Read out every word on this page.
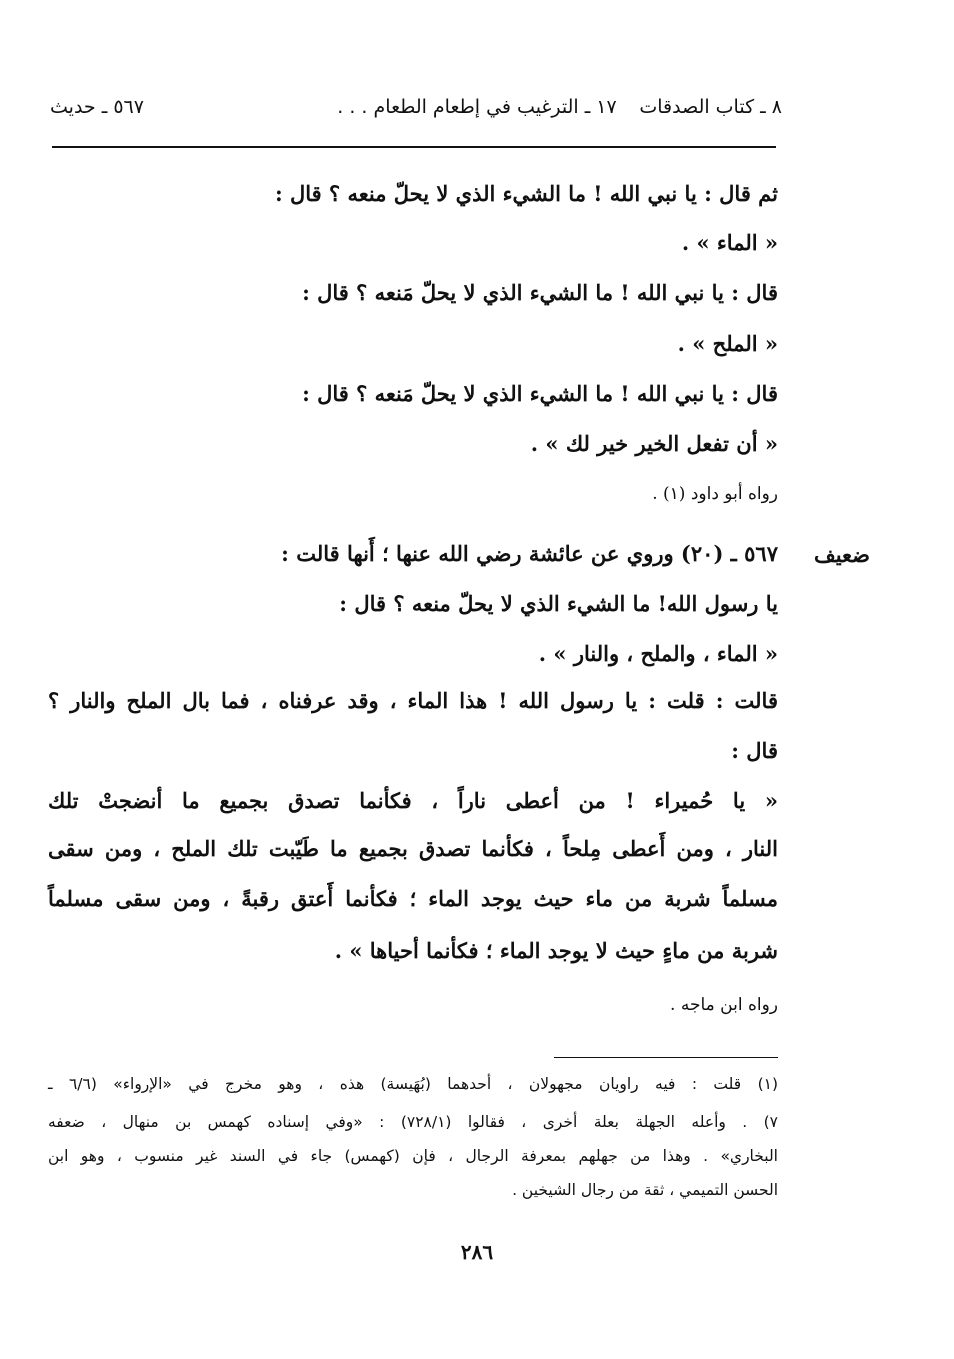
٨ ـ كتاب الصدقات
١٧ ـ الترغيب في إطعام الطعام . . .
٥٦٧ ـ حديث
ثم قال : يا نبي الله ! ما الشيء الذي لا يحلّ منعه ؟ قال :
« الماء » .
قال : يا نبي الله ! ما الشيء الذي لا يحلّ مَنعه ؟ قال :
« الملح » .
قال : يا نبي الله ! ما الشيء الذي لا يحلّ مَنعه ؟ قال :
« أن تفعل الخير خير لك » .
رواه أبو داود (١) .
ضعيف
٥٦٧ ـ (٢٠) وروي عن عائشة رضي الله عنها ؛ أَنها قالت :
يا رسول الله! ما الشيء الذي لا يحلّ منعه ؟ قال :
« الماء ، والملح ، والنار » .
قالت : قلت : يا رسول الله ! هذا الماء ، وقد عرفناه ، فما بال الملح والنار ؟
قال :
« يا حُميراء ! من أعطى ناراً ، فكأنما تصدق بجميع ما أنضجتْ تلك
النار ، ومن أَعطى مِلحاً ، فكأنما تصدق بجميع ما طَيّبت تلك الملح ، ومن سقى
مسلماً شربة من ماء حيث يوجد الماء ؛ فكأنما أَعتق رقبةً ، ومن سقى مسلماً
شربة من ماءٍ حيث لا يوجد الماء ؛ فكأنما أحياها » .
رواه ابن ماجه .
(١) قلت : فيه راويان مجهولان ، أحدهما (بُهَيسة) هذه ، وهو مخرج في «الإرواء» (٦/٦ ـ
٧) . وأعله الجهلة بعلة أخرى ، فقالوا (٧٢٨/١) : «وفي إسناده كهمس بن منهال ، ضعفه
البخاري» . وهذا من جهلهم بمعرفة الرجال ، فإن (كهمس) جاء في السند غير منسوب ، وهو ابن
الحسن التميمي ، ثقة من رجال الشيخين .
٢٨٦
